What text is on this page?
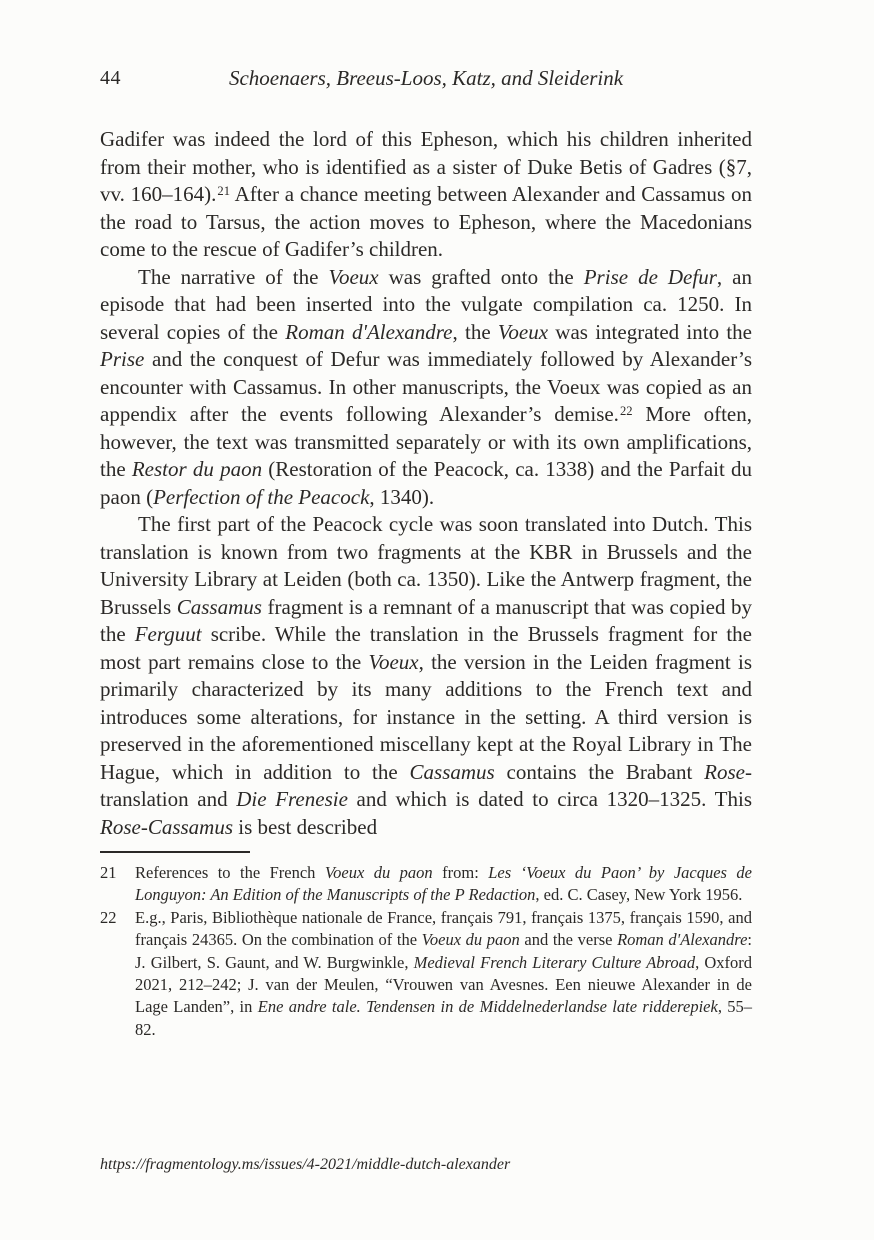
44	Schoenaers, Breeus-Loos, Katz, and Sleiderink

Gadifer was indeed the lord of this Epheson, which his children inherited from their mother, who is identified as a sister of Duke Betis of Gadres (§7, vv. 160–164).$^{21}$ After a chance meeting between Alexander and Cassamus on the road to Tarsus, the action moves to Epheson, where the Macedonians come to the rescue of Gadifer’s children.

The narrative of the Voeux was grafted onto the Prise de Defur, an episode that had been inserted into the vulgate compilation ca. 1250. In several copies of the Roman d'Alexandre, the Voeux was integrated into the Prise and the conquest of Defur was immediately followed by Alexander’s encounter with Cassamus. In other manuscripts, the Voeux was copied as an appendix after the events following Alexander’s demise.$^{22}$ More often, however, the text was transmitted separately or with its own amplifications, the Restor du paon (Restoration of the Peacock, ca. 1338) and the Parfait du paon (Perfection of the Peacock, 1340).

The first part of the Peacock cycle was soon translated into Dutch. This translation is known from two fragments at the KBR in Brussels and the University Library at Leiden (both ca. 1350). Like the Antwerp fragment, the Brussels Cassamus fragment is a remnant of a manuscript that was copied by the Ferguut scribe. While the translation in the Brussels fragment for the most part remains close to the Voeux, the version in the Leiden fragment is primarily characterized by its many additions to the French text and introduces some alterations, for instance in the setting. A third version is preserved in the aforementioned miscellany kept at the Royal Library in The Hague, which in addition to the Cassamus contains the Brabant Rose-translation and Die Frenesie and which is dated to circa 1320–1325. This Rose-Cassamus is best described

21 References to the French Voeux du paon from: Les ‘Voeux du Paon’ by Jacques de Longuyon: An Edition of the Manuscripts of the P Redaction, ed. C. Casey, New York 1956.
22 E.g., Paris, Bibliothèque nationale de France, français 791, français 1375, français 1590, and français 24365. On the combination of the Voeux du paon and the verse Roman d'Alexandre: J. Gilbert, S. Gaunt, and W. Burgwinkle, Medieval French Literary Culture Abroad, Oxford 2021, 212–242; J. van der Meulen, “Vrouwen van Avesnes. Een nieuwe Alexander in de Lage Landen”, in Ene andre tale. Tendensen in de Middelnederlandse late ridderepiek, 55–82.
https://fragmentology.ms/issues/4-2021/middle-dutch-alexander
